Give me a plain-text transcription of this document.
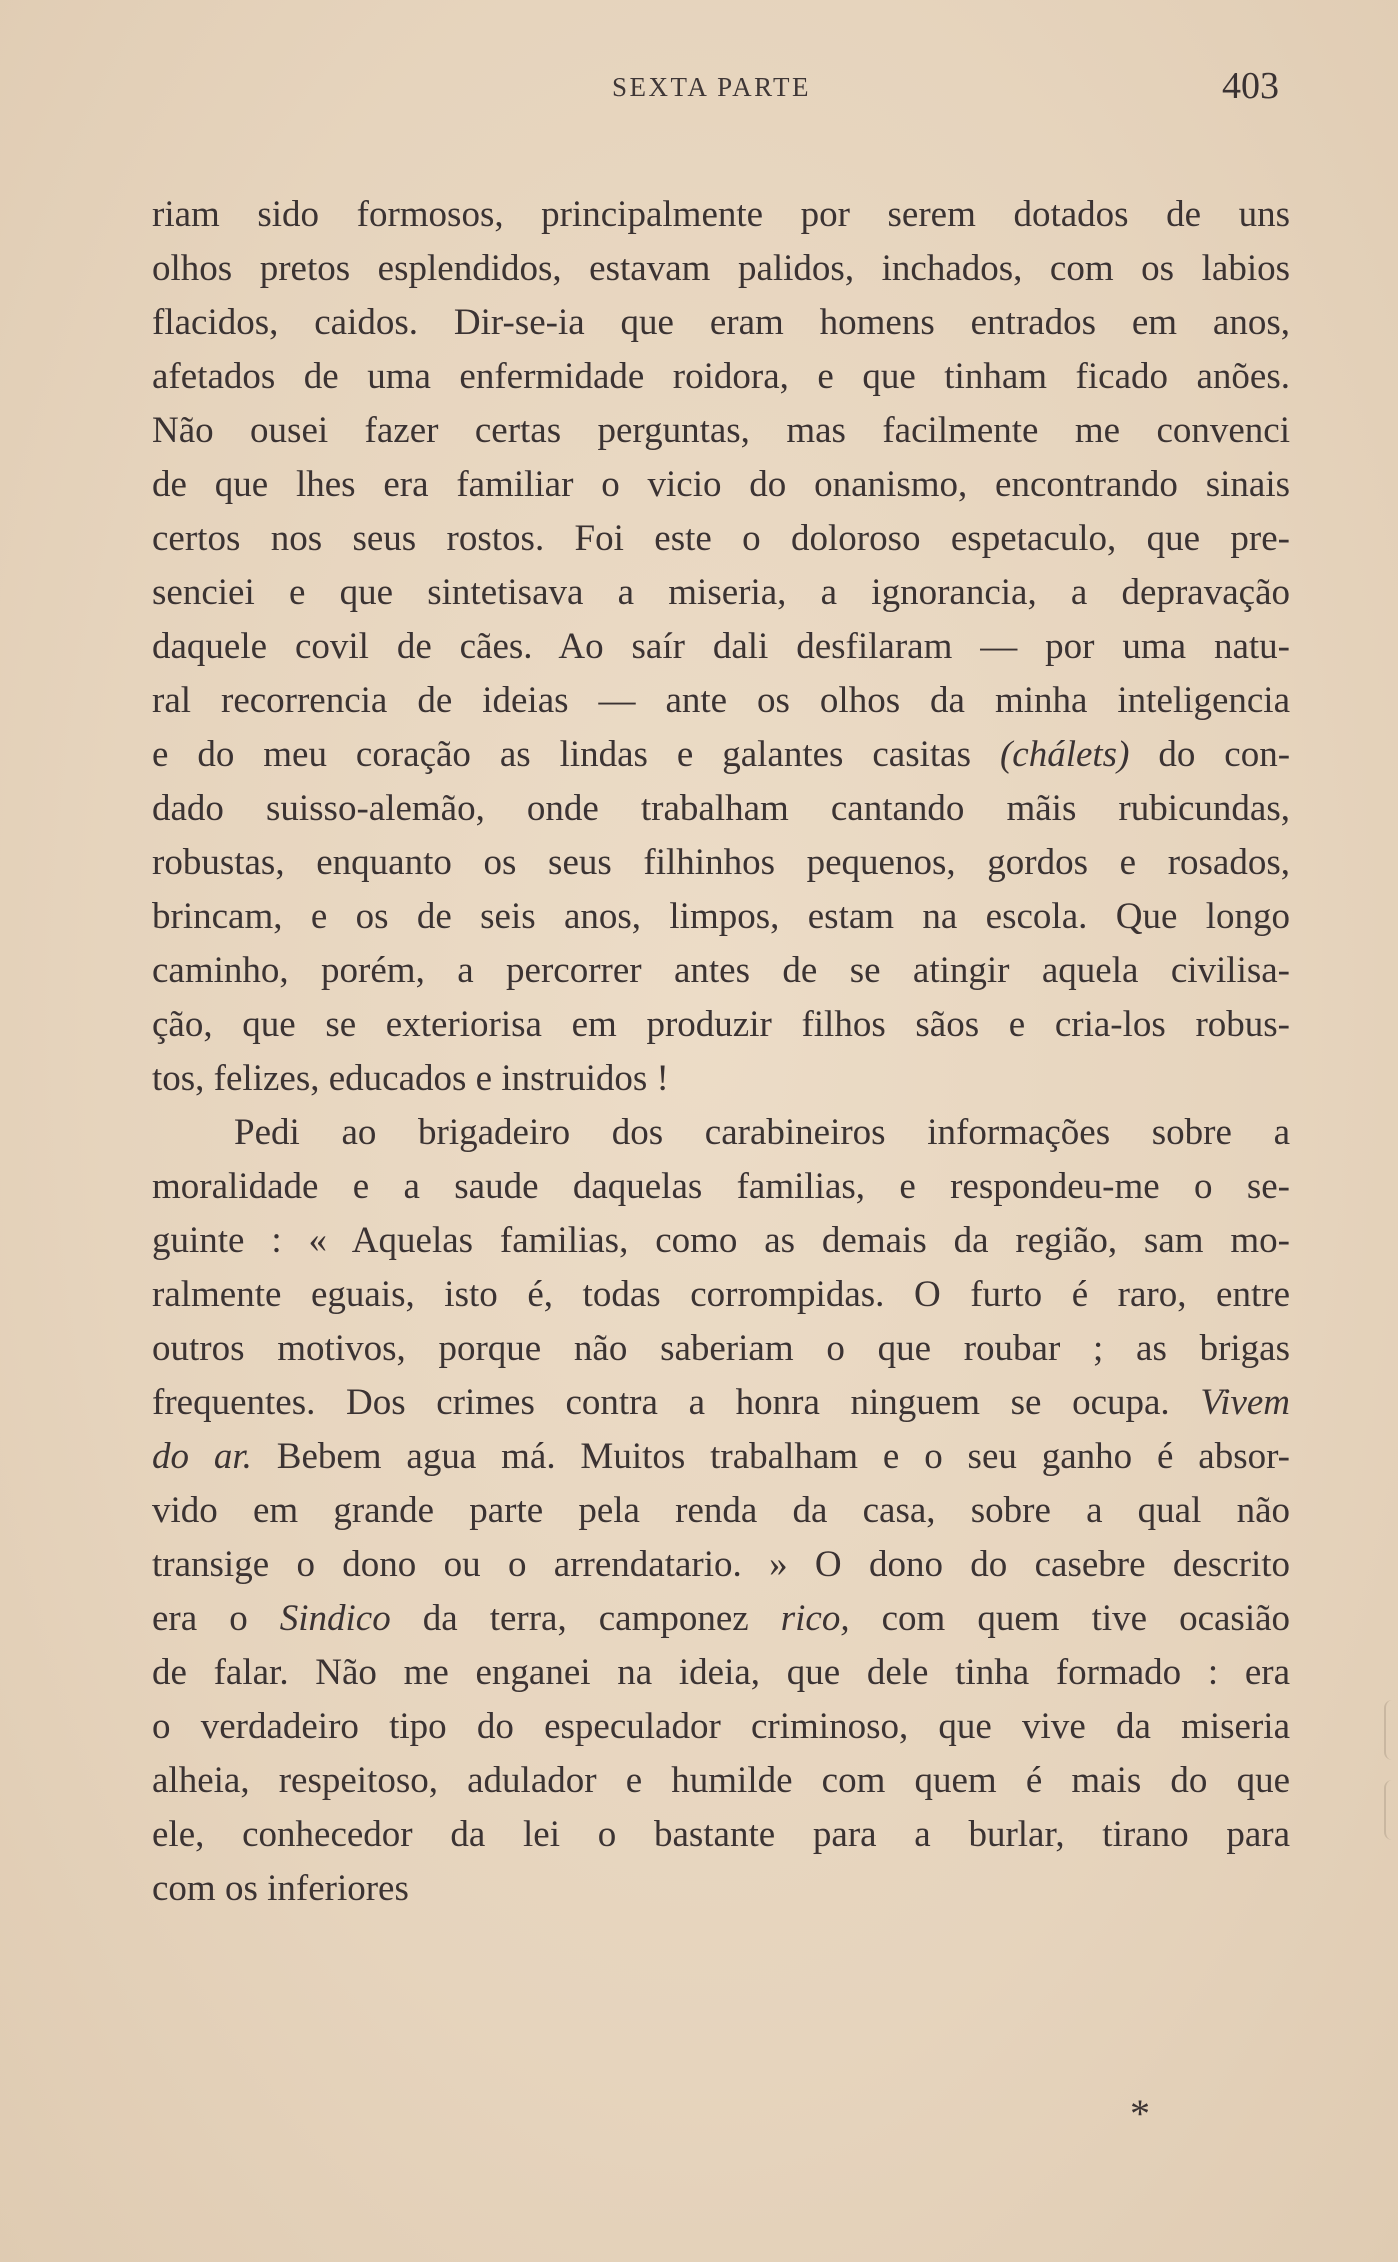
SEXTA PARTE	403
riam sido formosos, principalmente por serem dotados de uns
olhos pretos esplendidos, estavam palidos, inchados, com os labios
flacidos, caidos. Dir-se-ia que eram homens entrados em anos,
afetados de uma enfermidade roidora, e que tinham ficado anões.
Não ousei fazer certas perguntas, mas facilmente me convenci
de que lhes era familiar o vicio do onanismo, encontrando sinais
certos nos seus rostos. Foi este o doloroso espetaculo, que pre-
senciei e que sintetisava a miseria, a ignorancia, a depravação
daquele covil de cães. Ao saír dali desfilaram — por uma natu-
ral recorrencia de ideias — ante os olhos da minha inteligencia
e do meu coração as lindas e galantes casitas (chálets) do con-
dado suisso-alemão, onde trabalham cantando mãis rubicundas,
robustas, enquanto os seus filhinhos pequenos, gordos e rosados,
brincam, e os de seis anos, limpos, estam na escola. Que longo
caminho, porém, a percorrer antes de se atingir aquela civilisa-
ção, que se exteriorisa em produzir filhos sãos e cria-los robus-
tos, felizes, educados e instruidos !
Pedi ao brigadeiro dos carabineiros informações sobre a
moralidade e a saude daquelas familias, e respondeu-me o se-
guinte : « Aquelas familias, como as demais da região, sam mo-
ralmente eguais, isto é, todas corrompidas. O furto é raro, entre
outros motivos, porque não saberiam o que roubar ; as brigas
frequentes. Dos crimes contra a honra ninguem se ocupa. Vivem
do ar. Bebem agua má. Muitos trabalham e o seu ganho é absor-
vido em grande parte pela renda da casa, sobre a qual não
transige o dono ou o arrendatario. » O dono do casebre descrito
era o Sindico da terra, camponez rico, com quem tive ocasião
de falar. Não me enganei na ideia, que dele tinha formado : era
o verdadeiro tipo do especulador criminoso, que vive da miseria
alheia, respeitoso, adulador e humilde com quem é mais do que
ele, conhecedor da lei o bastante para a burlar, tirano para
com os inferiores
*
